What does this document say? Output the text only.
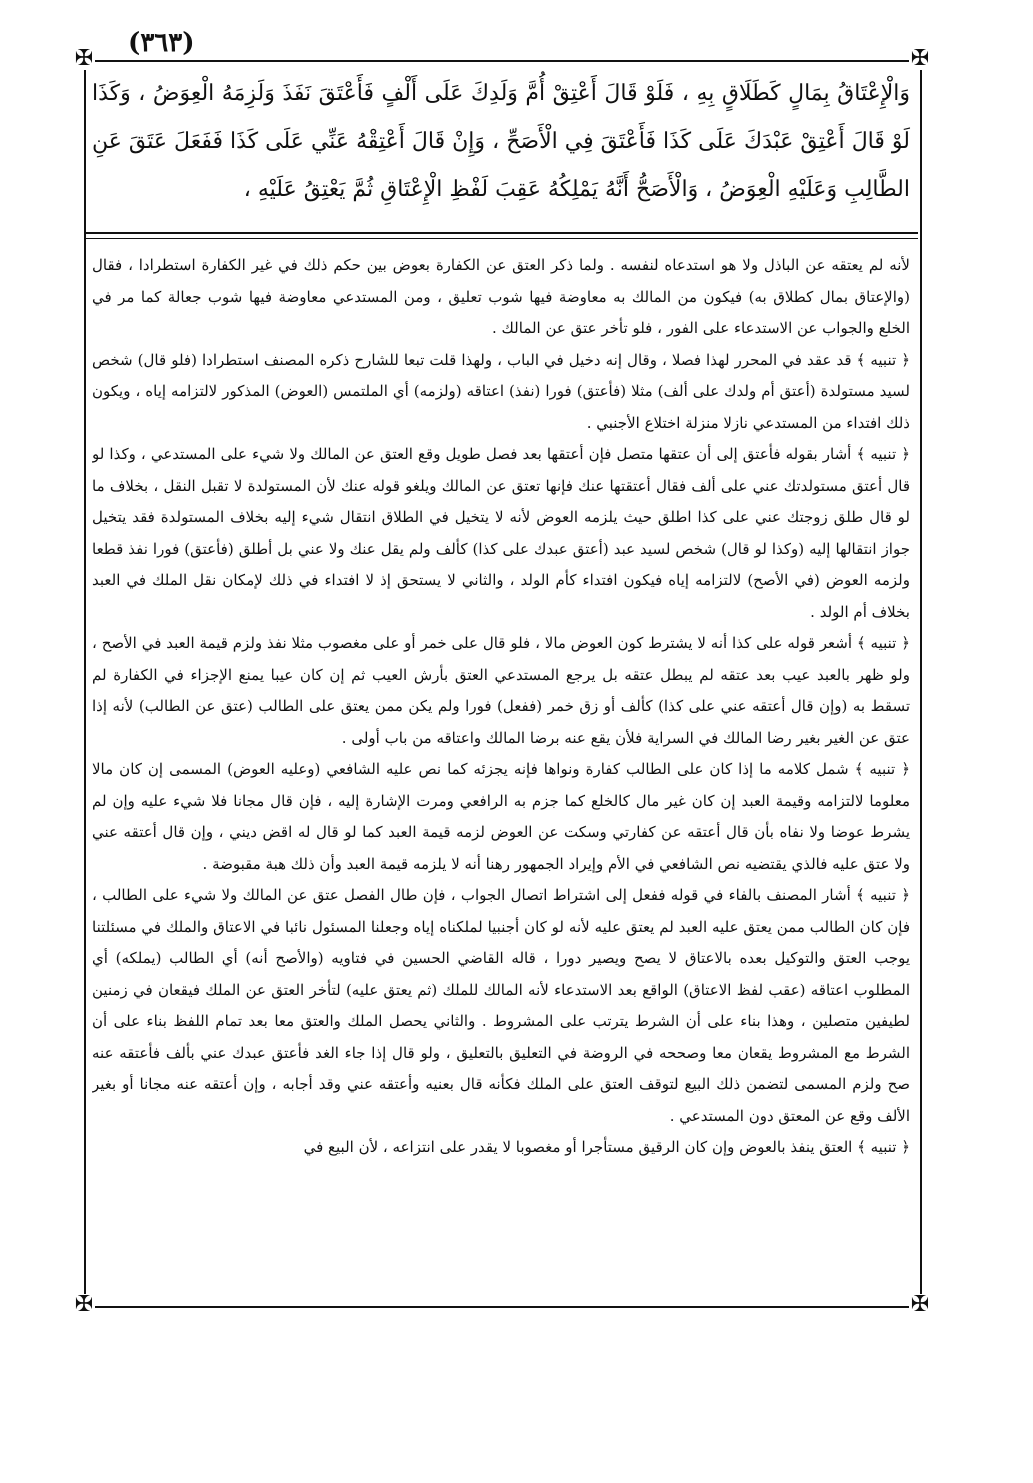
(٣٦٣)
✠	✠
✠	✠

وَالْإِعْتَاقُ بِمَالٍ كَطَلَاقٍ بِهِ ، فَلَوْ قَالَ أَعْتِقْ أُمَّ وَلَدِكَ عَلَى أَلْفٍ فَأَعْتَقَ نَفَذَ وَلَزِمَهُ الْعِوَضُ ، وَكَذَا لَوْ قَالَ أَعْتِقْ عَبْدَكَ عَلَى كَذَا فَأَعْتَقَ فِي الْأَصَحِّ ، وَإِنْ قَالَ أَعْتِقْهُ عَنِّي عَلَى كَذَا فَفَعَلَ عَتَقَ عَنِ الطَّالِبِ وَعَلَيْهِ الْعِوَضُ ، وَالْأَصَحُّ أَنَّهُ يَمْلِكُهُ عَقِبَ لَفْظِ الْإِعْتَاقِ ثُمَّ يَعْتِقُ عَلَيْهِ ،

لأنه لم يعتقه عن الباذل ولا هو استدعاه لنفسه . ولما ذكر العتق عن الكفارة بعوض بين حكم ذلك في غير الكفارة استطرادا ، فقال (والإعتاق بمال كطلاق به) فيكون من المالك به معاوضة فيها شوب تعليق ، ومن المستدعي معاوضة فيها شوب جعالة كما مر في الخلع والجواب عن الاستدعاء على الفور ، فلو تأخر عتق عن المالك .

﴿ تنبيه ﴾ قد عقد في المحرر لهذا فصلا ، وقال إنه دخيل في الباب ، ولهذا قلت تبعا للشارح ذكره المصنف استطرادا (فلو قال) شخص لسيد مستولدة (أعتق أم ولدك على ألف) مثلا (فأعتق) فورا (نفذ) اعتاقه (ولزمه) أي الملتمس (العوض) المذكور لالتزامه إياه ، ويكون ذلك افتداء من المستدعي نازلا منزلة اختلاع الأجنبي .

﴿ تنبيه ﴾ أشار بقوله فأعتق إلى أن عتقها متصل فإن أعتقها بعد فصل طويل وقع العتق عن المالك ولا شيء على المستدعي ، وكذا لو قال أعتق مستولدتك عني على ألف فقال أعتقتها عنك فإنها تعتق عن المالك ويلغو قوله عنك لأن المستولدة لا تقبل النقل ، بخلاف ما لو قال طلق زوجتك عني على كذا اطلق حيث يلزمه العوض لأنه لا يتخيل في الطلاق انتقال شيء إليه بخلاف المستولدة فقد يتخيل جواز انتقالها إليه (وكذا لو قال) شخص لسيد عبد (أعتق عبدك على كذا) كألف ولم يقل عنك ولا عني بل أطلق (فأعتق) فورا نفذ قطعا ولزمه العوض (في الأصح) لالتزامه إياه فيكون افتداء كأم الولد ، والثاني لا يستحق إذ لا افتداء في ذلك لإمكان نقل الملك في العبد بخلاف أم الولد .

﴿ تنبيه ﴾ أشعر قوله على كذا أنه لا يشترط كون العوض مالا ، فلو قال على خمر أو على مغصوب مثلا نفذ ولزم قيمة العبد في الأصح ، ولو ظهر بالعبد عيب بعد عتقه لم يبطل عتقه بل يرجع المستدعي العتق بأرش العيب ثم إن كان عيبا يمنع الإجزاء في الكفارة لم تسقط به (وإن قال أعتقه عني على كذا) كألف أو زق خمر (ففعل) فورا ولم يكن ممن يعتق على الطالب (عتق عن الطالب) لأنه إذا عتق عن الغير بغير رضا المالك في السراية فلأن يقع عنه برضا المالك واعتاقه من باب أولى .

﴿ تنبيه ﴾ شمل كلامه ما إذا كان على الطالب كفارة ونواها فإنه يجزئه كما نص عليه الشافعي (وعليه العوض) المسمى إن كان مالا معلوما لالتزامه وقيمة العبد إن كان غير مال كالخلع كما جزم به الرافعي ومرت الإشارة إليه ، فإن قال مجانا فلا شيء عليه وإن لم يشرط عوضا ولا نفاه بأن قال أعتقه عن كفارتي وسكت عن العوض لزمه قيمة العبد كما لو قال له اقض ديني ، وإن قال أعتقه عني ولا عتق عليه فالذي يقتضيه نص الشافعي في الأم وإيراد الجمهور رهنا أنه لا يلزمه قيمة العبد وأن ذلك هبة مقبوضة .

﴿ تنبيه ﴾ أشار المصنف بالفاء في قوله ففعل إلى اشتراط اتصال الجواب ، فإن طال الفصل عتق عن المالك ولا شيء على الطالب ، فإن كان الطالب ممن يعتق عليه العبد لم يعتق عليه لأنه لو كان أجنبيا لملكناه إياه وجعلنا المسئول نائبا في الاعتاق والملك في مسئلتنا يوجب العتق والتوكيل بعده بالاعتاق لا يصح ويصير دورا ، قاله القاضي الحسين في فتاويه (والأصح أنه) أي الطالب (يملكه) أي المطلوب اعتاقه (عقب لفظ الاعتاق) الواقع بعد الاستدعاء لأنه المالك للملك (ثم يعتق عليه) لتأخر العتق عن الملك فيقعان في زمنين لطيفين متصلين ، وهذا بناء على أن الشرط يترتب على المشروط . والثاني يحصل الملك والعتق معا بعد تمام اللفظ بناء على أن الشرط مع المشروط يقعان معا وصححه في الروضة في التعليق بالتعليق ، ولو قال إذا جاء الغد فأعتق عبدك عني بألف فأعتقه عنه صح ولزم المسمى لتضمن ذلك البيع لتوقف العتق على الملك فكأنه قال بعنيه وأعتقه عني وقد أجابه ، وإن أعتقه عنه مجانا أو بغير الألف وقع عن المعتق دون المستدعي .

﴿ تنبيه ﴾ العتق ينفذ بالعوض وإن كان الرقيق مستأجرا أو مغصوبا لا يقدر على انتزاعه ، لأن البيع في
